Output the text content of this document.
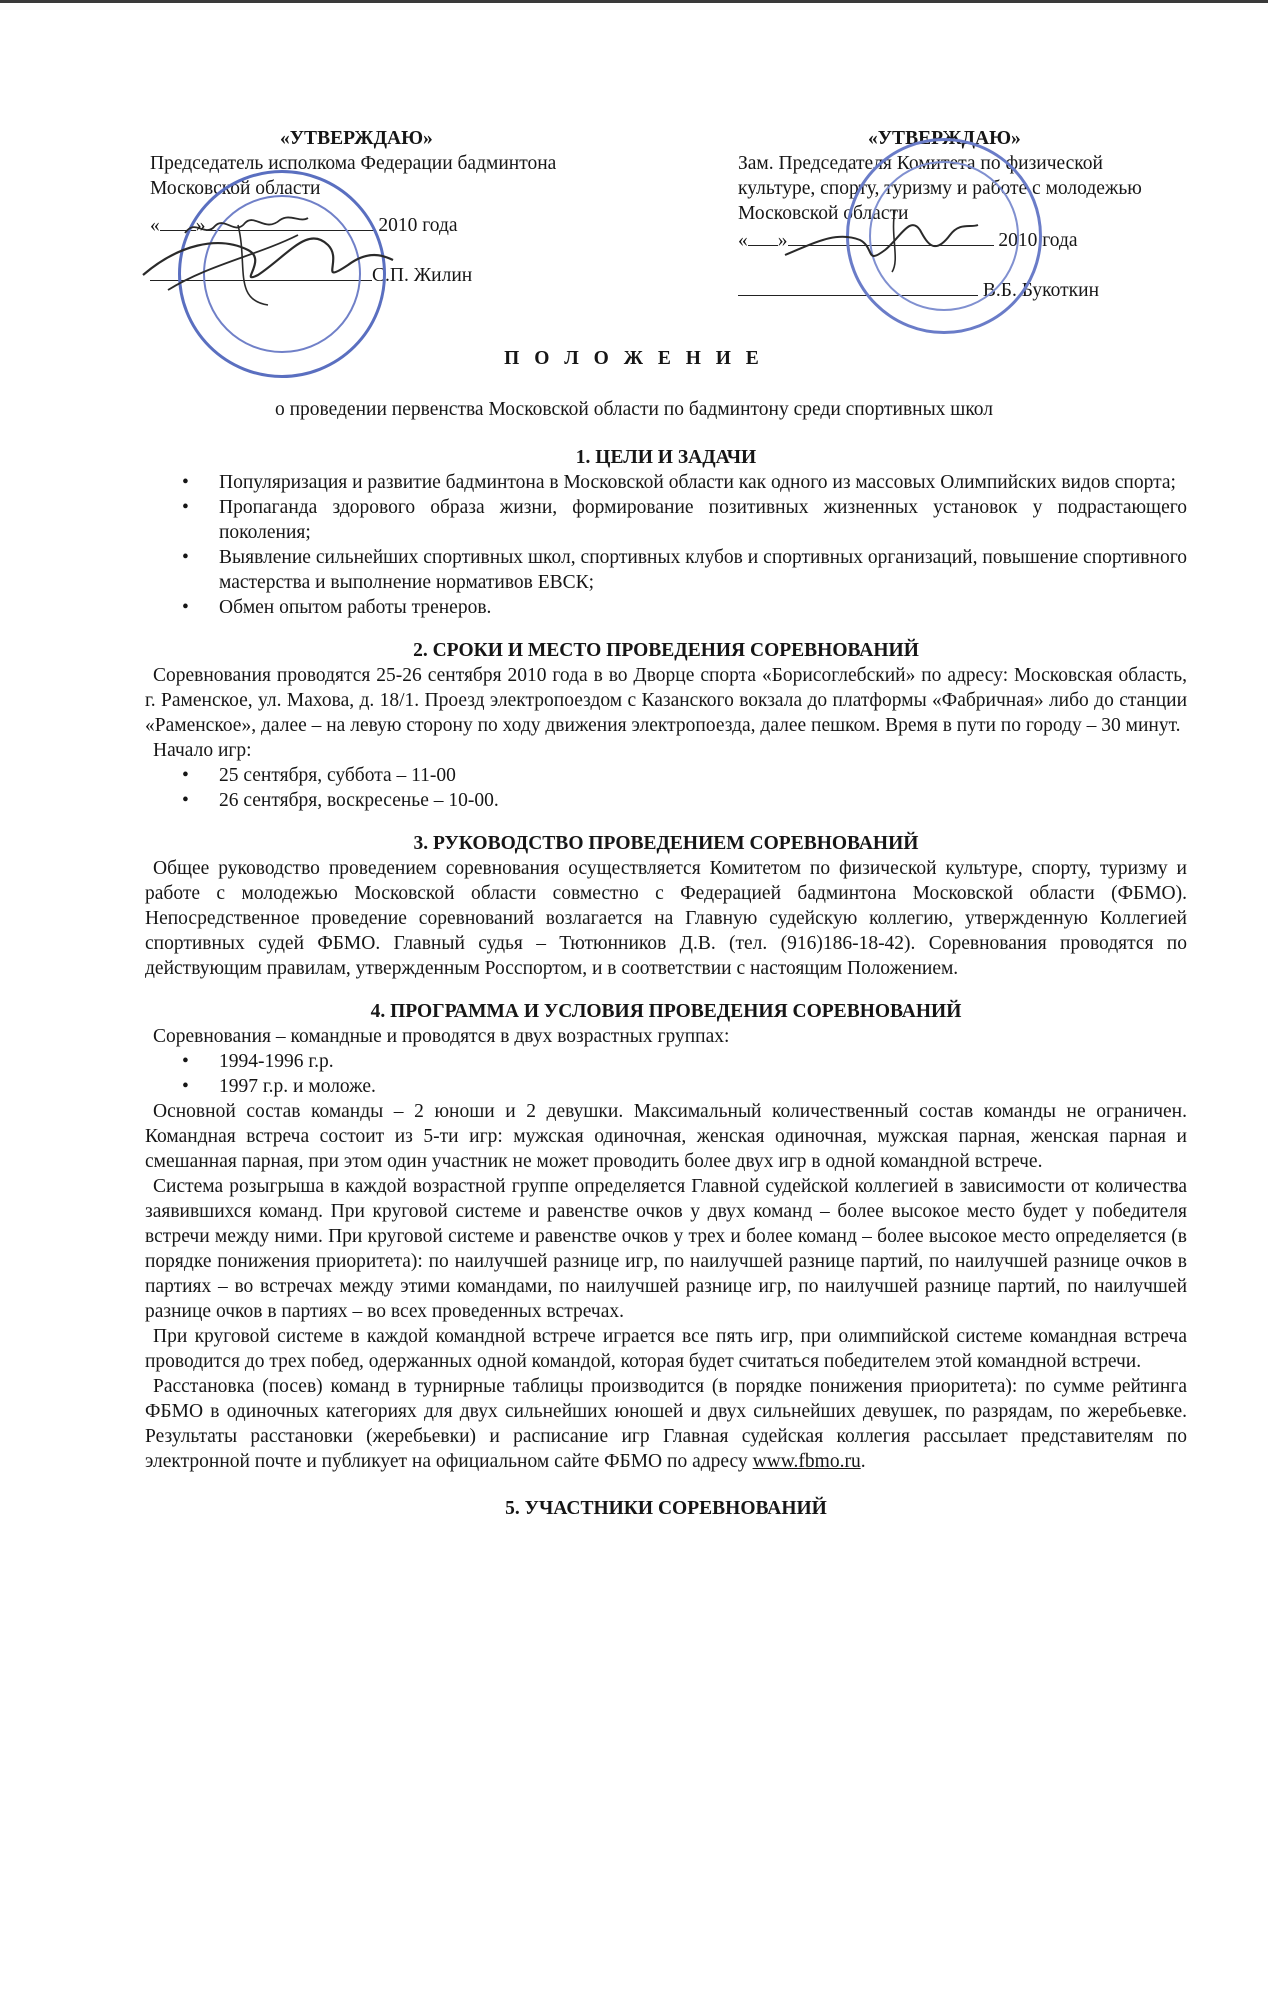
«УТВЕРЖДАЮ»

Председатель исполкома Федерации бадминтона

Московской области

« »	2010 года

С.П. Жилин

«УТВЕРЖДАЮ»

Зам. Председателя Комитета по физической

культуре, спорту, туризму и работе с молодежью

Московской области

« »	2010 года

В.Б. Букоткин

П О Л О Ж Е Н И Е
о проведении первенства Московской области по бадминтону среди спортивных школ

1. ЦЕЛИ И ЗАДАЧИ

• Популяризация и развитие бадминтона в Московской области как одного из массовых Олимпийских видов спорта;
• Пропаганда здорового образа жизни, формирование позитивных жизненных установок у подрастающего поколения;
• Выявление сильнейших спортивных школ, спортивных клубов и спортивных организаций, повышение спортивного мастерства и выполнение нормативов ЕВСК;
• Обмен опытом работы тренеров.

2. СРОКИ И МЕСТО ПРОВЕДЕНИЯ СОРЕВНОВАНИЙ

Соревнования проводятся 25-26 сентября 2010 года в во Дворце спорта «Борисоглебский» по адресу: Московская область, г. Раменское, ул. Махова, д. 18/1. Проезд электропоездом с Казанского вокзала до платформы «Фабричная» либо до станции «Раменское», далее – на левую сторону по ходу движения электропоезда, далее пешком. Время в пути по городу – 30 минут.

Начало игр:

• 25 сентября, суббота – 11-00
• 26 сентября, воскресенье – 10-00.

3. РУКОВОДСТВО ПРОВЕДЕНИЕМ СОРЕВНОВАНИЙ

Общее руководство проведением соревнования осуществляется Комитетом по физической культуре, спорту, туризму и работе с молодежью Московской области совместно с Федерацией бадминтона Московской области (ФБМО). Непосредственное проведение соревнований возлагается на Главную судейскую коллегию, утвержденную Коллегией спортивных судей ФБМО. Главный судья – Тютюнников Д.В. (тел. (916)186-18-42). Соревнования проводятся по действующим правилам, утвержденным Росспортом, и в соответствии с настоящим Положением.

4. ПРОГРАММА И УСЛОВИЯ ПРОВЕДЕНИЯ СОРЕВНОВАНИЙ

Соревнования – командные и проводятся в двух возрастных группах:

• 1994-1996 г.р.
• 1997 г.р. и моложе.

Основной состав команды – 2 юноши и 2 девушки. Максимальный количественный состав команды не ограничен. Командная встреча состоит из 5-ти игр: мужская одиночная, женская одиночная, мужская парная, женская парная и смешанная парная, при этом один участник не может проводить более двух игр в одной командной встрече.

Система розыгрыша в каждой возрастной группе определяется Главной судейской коллегией в зависимости от количества заявившихся команд. При круговой системе и равенстве очков у двух команд – более высокое место будет у победителя встречи между ними. При круговой системе и равенстве очков у трех и более команд – более высокое место определяется (в порядке понижения приоритета): по наилучшей разнице игр, по наилучшей разнице партий, по наилучшей разнице очков в партиях – во встречах между этими командами, по наилучшей разнице игр, по наилучшей разнице партий, по наилучшей разнице очков в партиях – во всех проведенных встречах.

При круговой системе в каждой командной встрече играется все пять игр, при олимпийской системе командная встреча проводится до трех побед, одержанных одной командой, которая будет считаться победителем этой командной встречи.

Расстановка (посев) команд в турнирные таблицы производится (в порядке понижения приоритета): по сумме рейтинга ФБМО в одиночных категориях для двух сильнейших юношей и двух сильнейших девушек, по разрядам, по жеребьевке. Результаты расстановки (жеребьевки) и расписание игр Главная судейская коллегия рассылает представителям по электронной почте и публикует на официальном сайте ФБМО по адресу www.fbmo.ru.

5. УЧАСТНИКИ СОРЕВНОВАНИЙ
